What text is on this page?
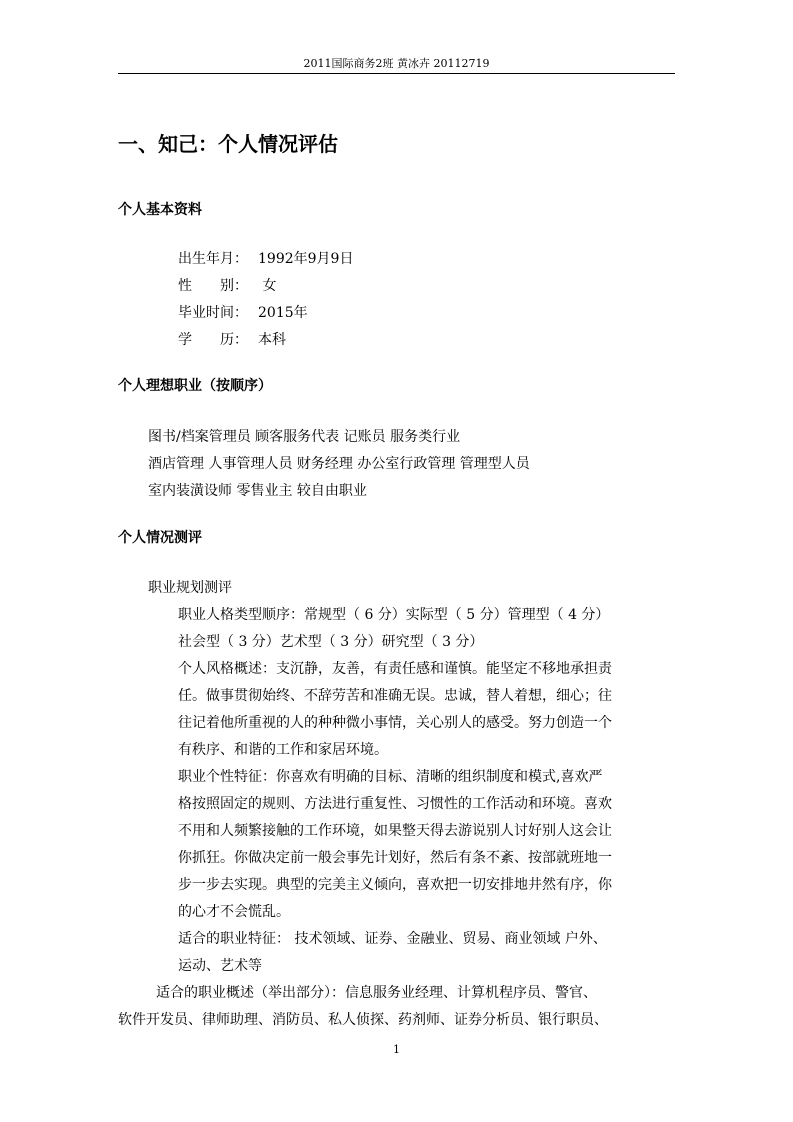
2011国际商务2班 黄冰卉 20112719
一、知己：个人情况评估
个人基本资料
出生年月： 1992年9月9日
性　　别： 女
毕业时间： 2015年
学　　历： 本科
个人理想职业（按顺序）
图书/档案管理员 顾客服务代表 记账员 服务类行业
酒店管理 人事管理人员 财务经理 办公室行政管理 管理型人员
室内装潢设师 零售业主 较自由职业
个人情况测评
职业规划测评
职业人格类型顺序：常规型（ 6 分）实际型（ 5 分）管理型（ 4 分）
社会型（ 3 分）艺术型（ 3 分）研究型（ 3 分）
个人风格概述：支沉静，友善，有责任感和谨慎。能坚定不移地承担责
任。做事贯彻始终、不辞劳苦和准确无误。忠诚，替人着想，细心；往
往记着他所重视的人的种种微小事情，关心别人的感受。努力创造一个
有秩序、和谐的工作和家居环境。
职业个性特征：你喜欢有明确的目标、清晰的组织制度和模式,喜欢严
格按照固定的规则、方法进行重复性、习惯性的工作活动和环境。喜欢
不用和人频繁接触的工作环境，如果整天得去游说别人讨好别人这会让
你抓狂。你做决定前一般会事先计划好，然后有条不紊、按部就班地一
步一步去实现。典型的完美主义倾向，喜欢把一切安排地井然有序，你
的心才不会慌乱。
适合的职业特征： 技术领域、证券、金融业、贸易、商业领域 户外、
运动、艺术等
适合的职业概述（举出部分）：信息服务业经理、计算机程序员、警官、
软件开发员、律师助理、消防员、私人侦探、药剂师、证券分析员、银行职员、
1
